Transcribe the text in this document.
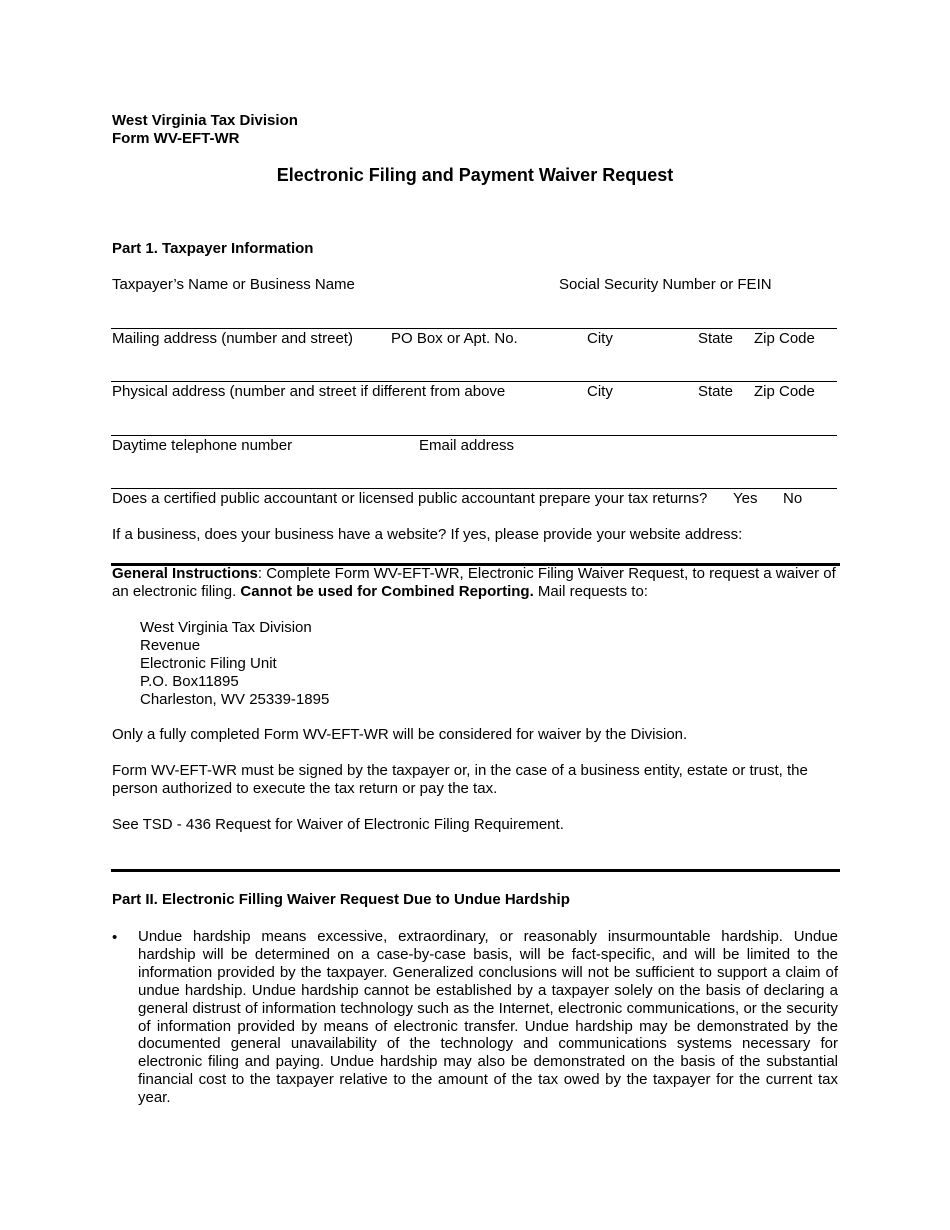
West Virginia Tax Division
Form WV-EFT-WR
Electronic Filing and Payment Waiver Request
Part 1. Taxpayer Information
Taxpayer’s Name or Business Name	Social Security Number or FEIN
Mailing address (number and street)	PO Box or Apt. No.	City	State Zip Code
Physical address (number and street if different from above	City	State Zip Code
Daytime telephone number	Email address
Does a certified public accountant or licensed public accountant prepare your tax returns? Yes No
If a business, does your business have a website? If yes, please provide your website address:
General Instructions: Complete Form WV-EFT-WR, Electronic Filing Waiver Request, to request a waiver of an electronic filing. Cannot be used for Combined Reporting. Mail requests to:
West Virginia Tax Division
Revenue
Electronic Filing Unit
P.O. Box11895
Charleston, WV 25339-1895
Only a fully completed Form WV-EFT-WR will be considered for waiver by the Division.
Form WV-EFT-WR must be signed by the taxpayer or, in the case of a business entity, estate or trust, the person authorized to execute the tax return or pay the tax.
See TSD - 436 Request for Waiver of Electronic Filing Requirement.
Part II. Electronic Filling Waiver Request Due to Undue Hardship
• Undue hardship means excessive, extraordinary, or reasonably insurmountable hardship. Undue hardship will be determined on a case-by-case basis, will be fact-specific, and will be limited to the information provided by the taxpayer. Generalized conclusions will not be sufficient to support a claim of undue hardship. Undue hardship cannot be established by a taxpayer solely on the basis of declaring a general distrust of information technology such as the Internet, electronic communications, or the security of information provided by means of electronic transfer. Undue hardship may be demonstrated by the documented general unavailability of the technology and communications systems necessary for electronic filing and paying. Undue hardship may also be demonstrated on the basis of the substantial financial cost to the taxpayer relative to the amount of the tax owed by the taxpayer for the current tax year.
